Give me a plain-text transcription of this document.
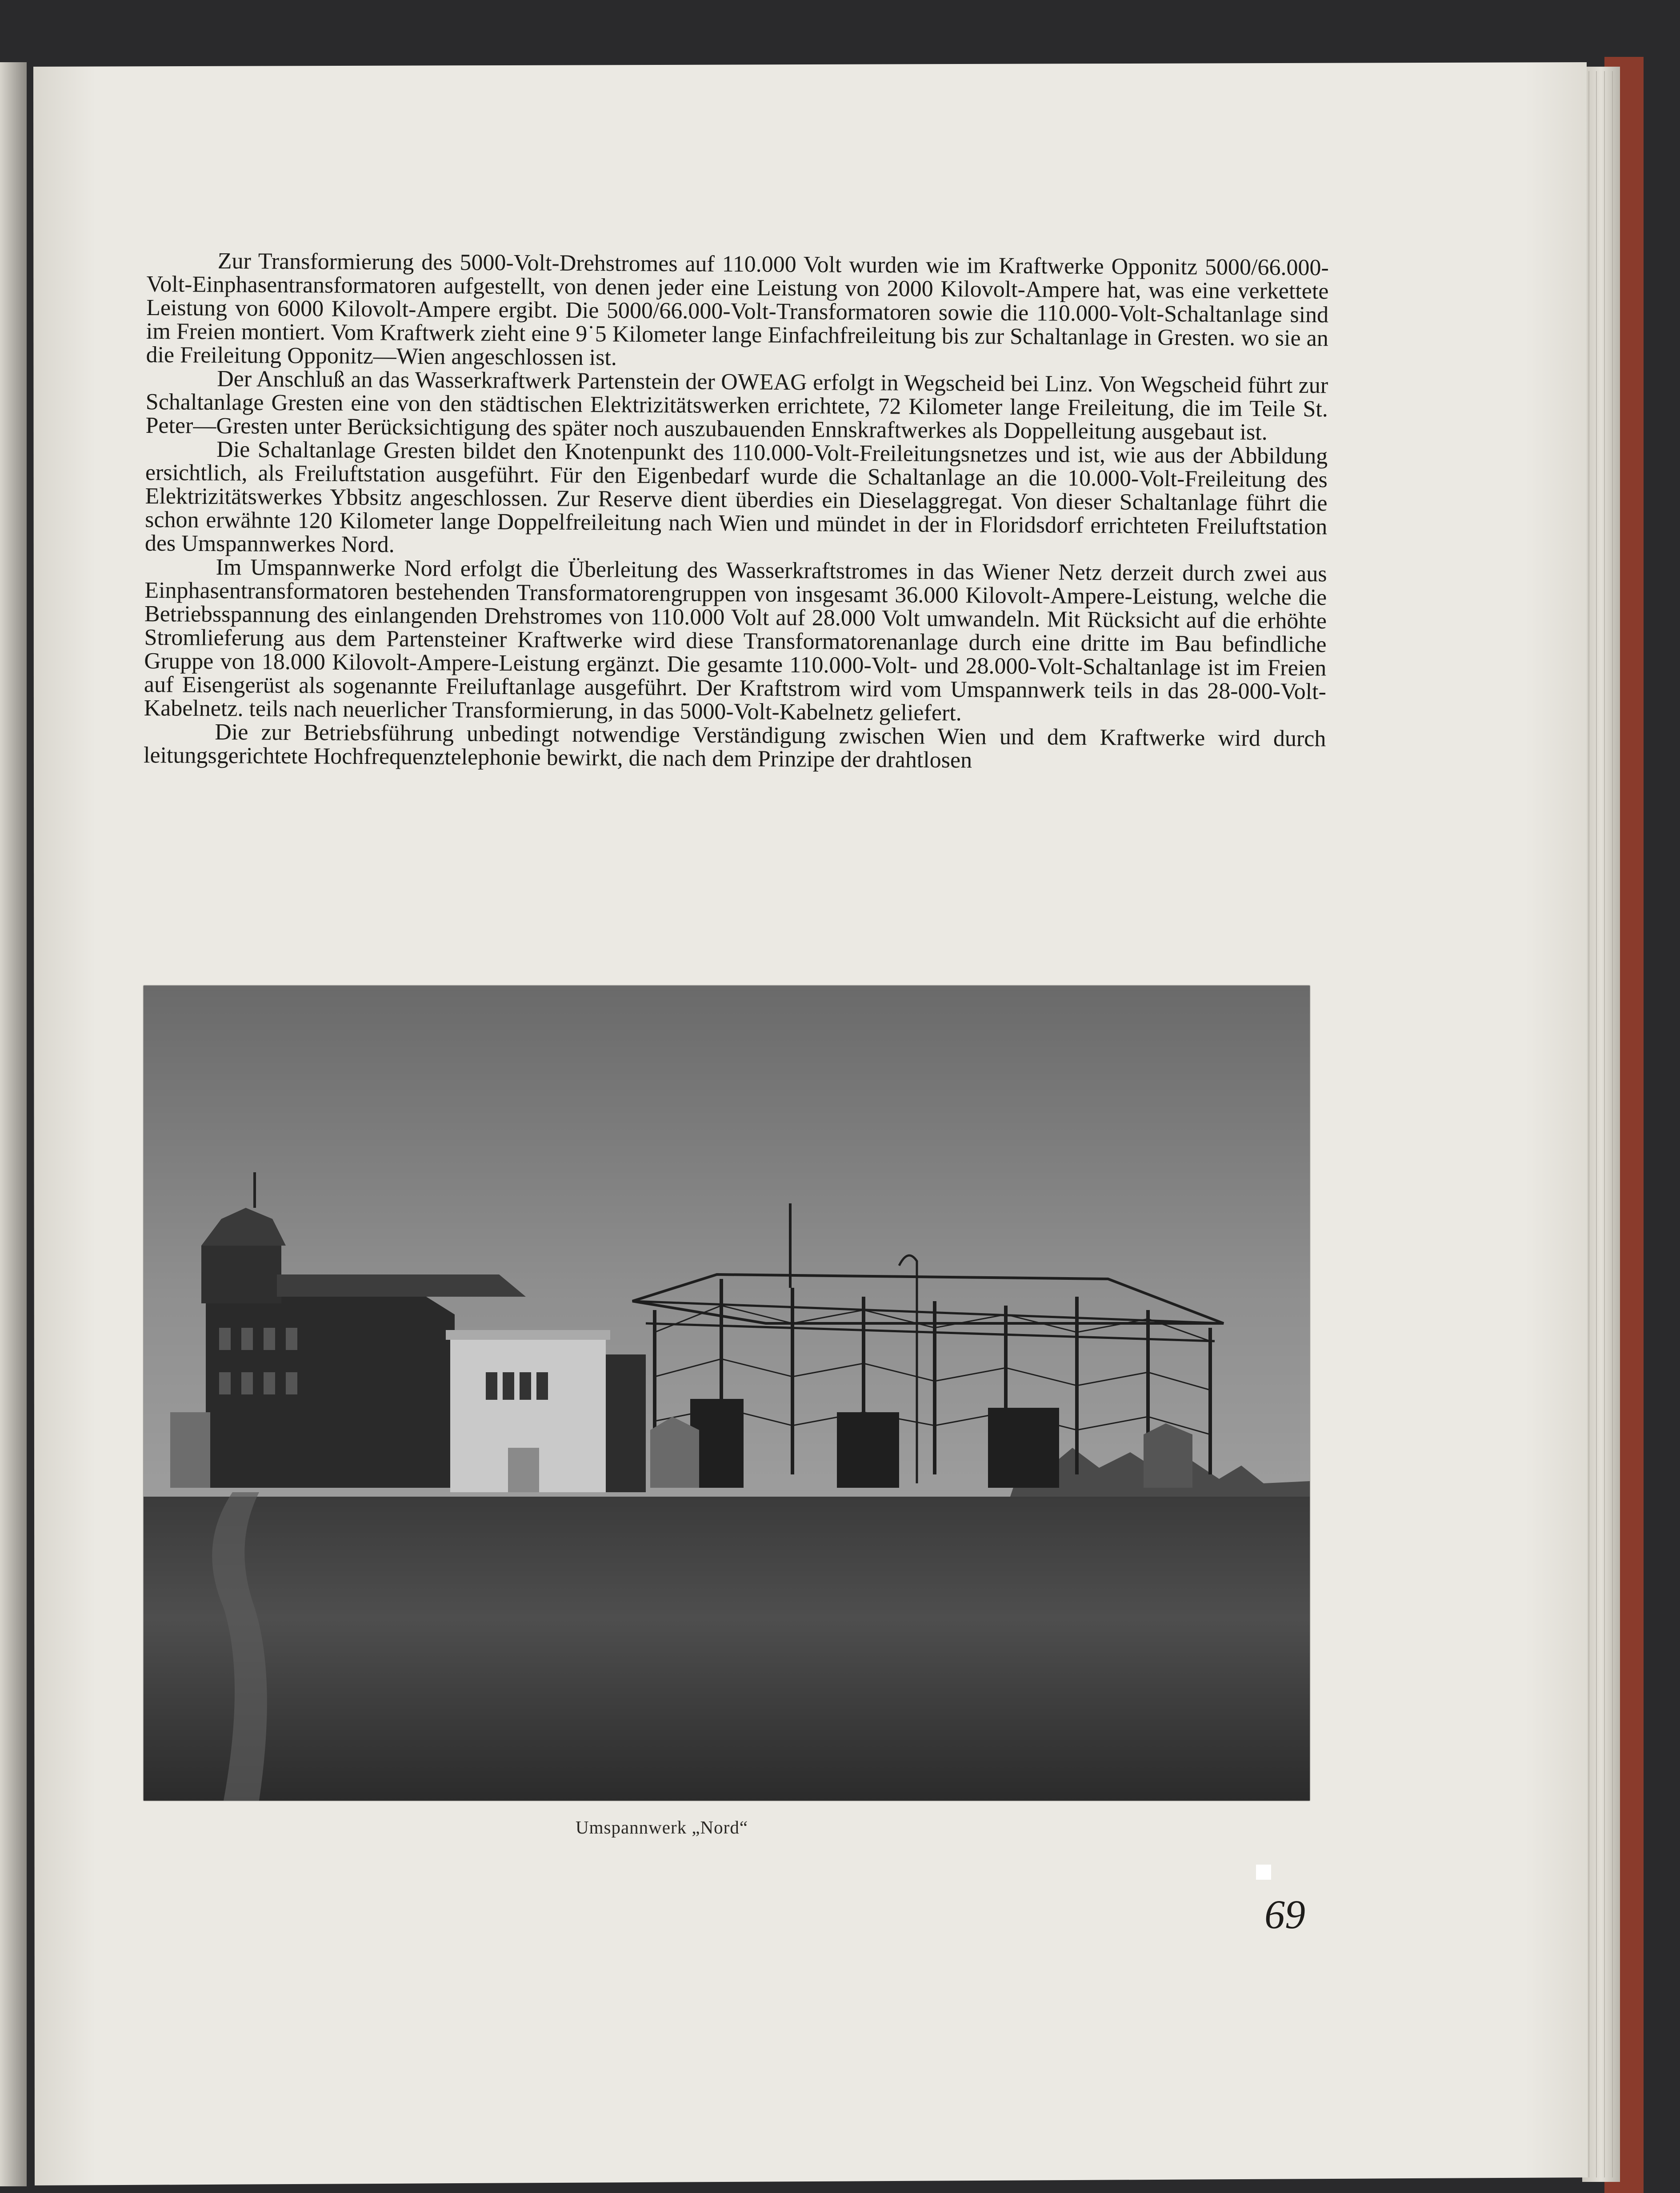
Zur Transformierung des 5000-Volt-Drehstromes auf 110.000 Volt wurden wie im Kraftwerke Opponitz 5000/66.000-Volt-Einphasentransformatoren aufgestellt, von denen jeder eine Leistung von 2000 Kilovolt-Ampere hat, was eine verkettete Leistung von 6000 Kilovolt-Ampere ergibt. Die 5000/66.000-Volt-Transformatoren sowie die 110.000-Volt-Schaltanlage sind im Freien montiert. Vom Kraftwerk zieht eine 9˙5 Kilometer lange Einfachfreileitung bis zur Schaltanlage in Gresten. wo sie an die Freileitung Opponitz—Wien angeschlossen ist.

Der Anschluß an das Wasserkraftwerk Partenstein der OWEAG erfolgt in Wegscheid bei Linz. Von Wegscheid führt zur Schaltanlage Gresten eine von den städtischen Elektrizitätswerken errichtete, 72 Kilometer lange Freileitung, die im Teile St. Peter—Gresten unter Berücksichtigung des später noch auszubauenden Ennskraftwerkes als Doppelleitung ausgebaut ist.

Die Schaltanlage Gresten bildet den Knotenpunkt des 110.000-Volt-Freileitungsnetzes und ist, wie aus der Abbildung ersichtlich, als Freiluftstation ausgeführt. Für den Eigenbedarf wurde die Schaltanlage an die 10.000-Volt-Freileitung des Elektrizitätswerkes Ybbsitz angeschlossen. Zur Reserve dient überdies ein Dieselaggregat. Von dieser Schaltanlage führt die schon erwähnte 120 Kilometer lange Doppelfreileitung nach Wien und mündet in der in Floridsdorf errichteten Freiluftstation des Umspannwerkes Nord.

Im Umspannwerke Nord erfolgt die Überleitung des Wasserkraftstromes in das Wiener Netz derzeit durch zwei aus Einphasentransformatoren bestehenden Transformatorengruppen von insgesamt 36.000 Kilovolt-Ampere-Leistung, welche die Betriebsspannung des einlangenden Drehstromes von 110.000 Volt auf 28.000 Volt umwandeln. Mit Rücksicht auf die erhöhte Stromlieferung aus dem Partensteiner Kraftwerke wird diese Transformatorenanlage durch eine dritte im Bau befindliche Gruppe von 18.000 Kilovolt-Ampere-Leistung ergänzt. Die gesamte 110.000-Volt- und 28.000-Volt-Schaltanlage ist im Freien auf Eisengerüst als sogenannte Freiluftanlage ausgeführt. Der Kraftstrom wird vom Umspannwerk teils in das 28-000-Volt-Kabelnetz. teils nach neuerlicher Transformierung, in das 5000-Volt-Kabelnetz geliefert.

Die zur Betriebsführung unbedingt notwendige Verständigung zwischen Wien und dem Kraftwerke wird durch leitungsgerichtete Hochfrequenztelephonie bewirkt, die nach dem Prinzipe der drahtlosen

Umspannwerk „Nord“
69
